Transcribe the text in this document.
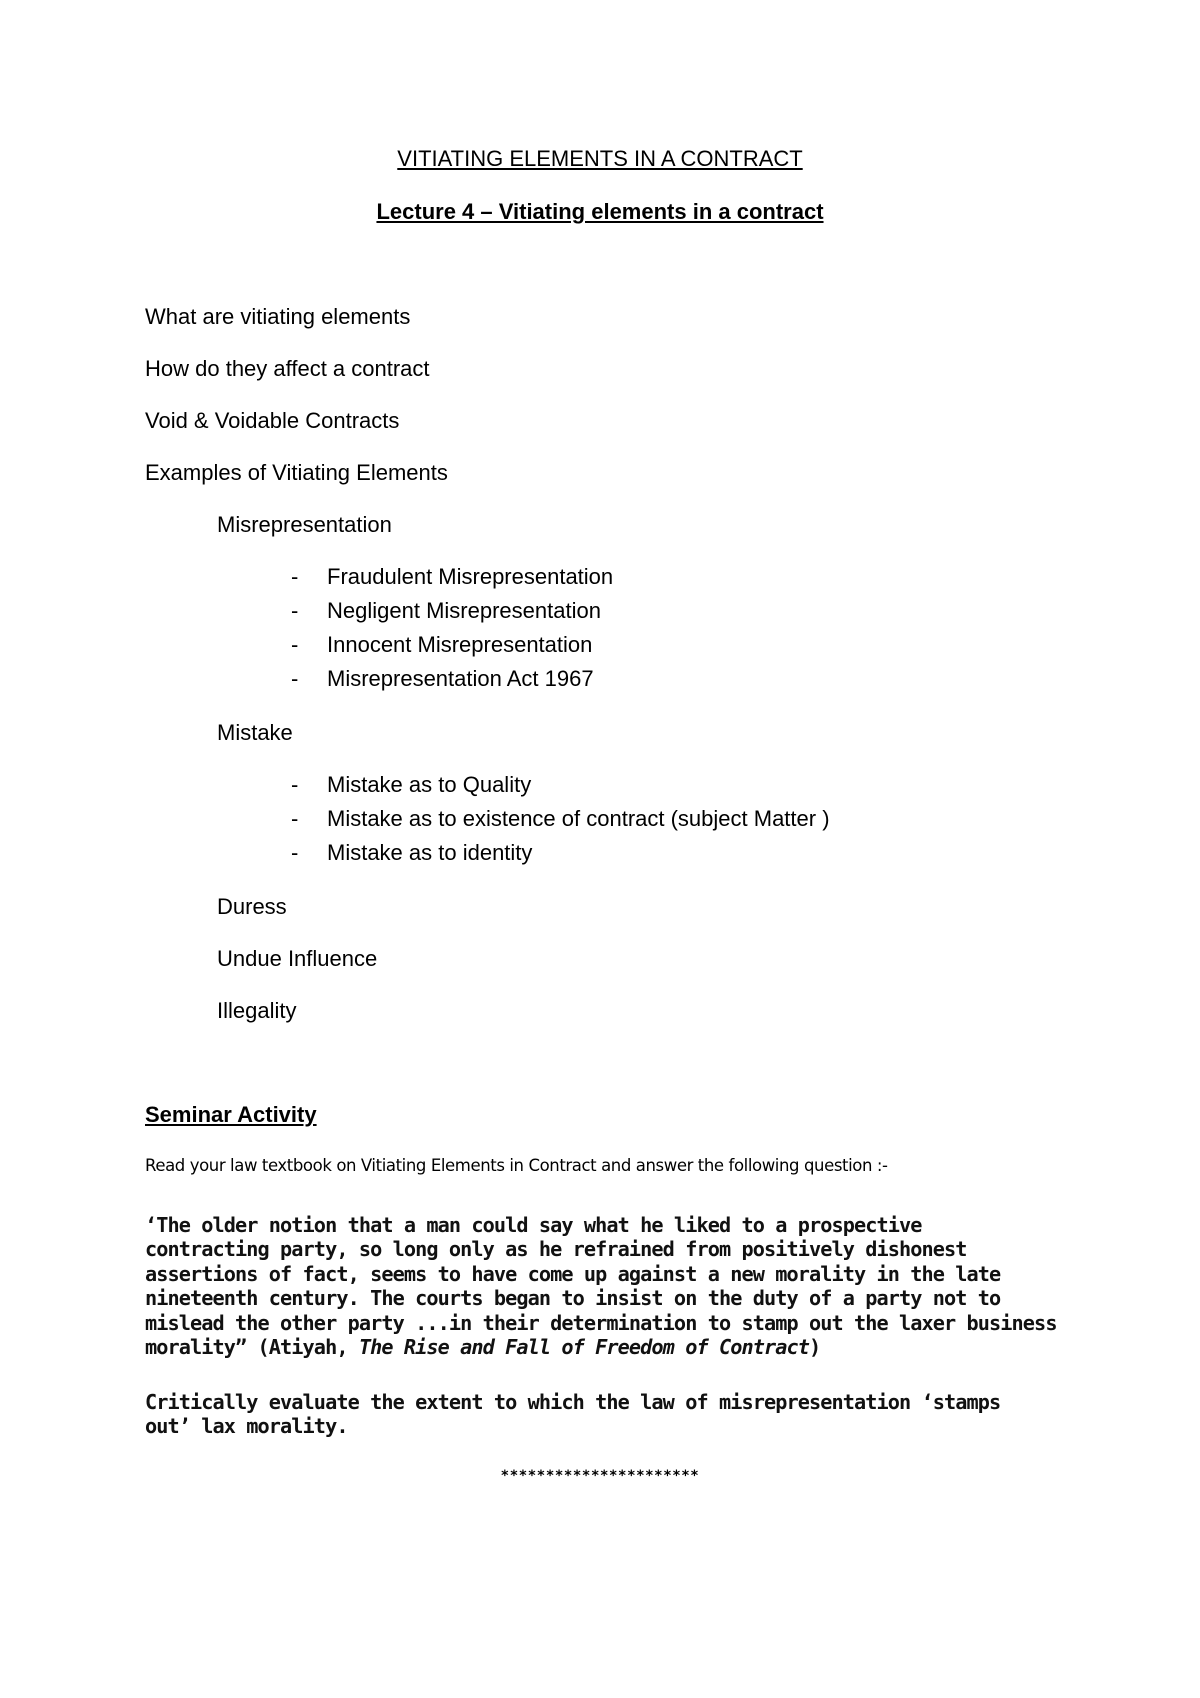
VITIATING ELEMENTS IN A CONTRACT
Lecture 4 – Vitiating elements in a contract
What are vitiating elements
How do they affect a contract
Void & Voidable Contracts
Examples of Vitiating Elements
Misrepresentation
- Fraudulent Misrepresentation
- Negligent Misrepresentation
- Innocent Misrepresentation
- Misrepresentation Act 1967
Mistake
- Mistake as to Quality
- Mistake as to existence of contract (subject Matter )
- Mistake as to identity
Duress
Undue Influence
Illegality
Seminar Activity
Read your law textbook on Vitiating Elements in Contract and answer the following question :-
‘The older notion that a man could say what he liked to a prospective
contracting party, so long only as he refrained from positively dishonest
assertions of fact, seems to have come up against a new morality in the late
nineteenth century. The courts began to insist on the duty of a party not to
mislead the other party ...in their determination to stamp out the laxer business
morality” (Atiyah, The Rise and Fall of Freedom of Contract)
Critically evaluate the extent to which the law of misrepresentation ‘stamps
out’ lax morality.
**********************
